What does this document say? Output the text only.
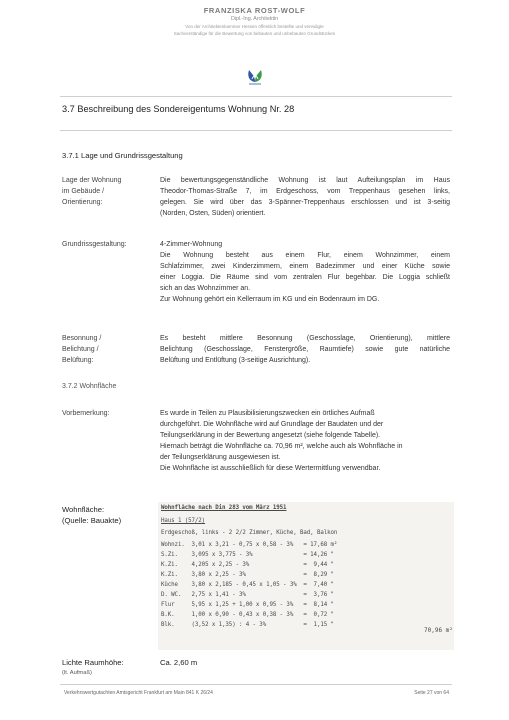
FRANZISKA ROST-WOLF
Dipl.-Ing. Architektin
Von der Architektenkammer Hessen öffentlich bestellte und vereidigte
Sachverständige für die Bewertung von bebauten und unbebauten Grundstücken
3.7 Beschreibung des Sondereigentums Wohnung Nr. 28
3.7.1 Lage und Grundrissgestaltung
Lage der Wohnung
im Gebäude /
Orientierung:
Die bewertungsgegenständliche Wohnung ist laut Aufteilungsplan im Haus
Theodor-Thomas-Straße 7, im Erdgeschoss, vom Treppenhaus gesehen links,
gelegen. Sie wird über das 3-Spänner-Treppenhaus erschlossen und ist 3-seitig
(Norden, Osten, Süden) orientiert.
Grundrissgestaltung:	4-Zimmer-Wohnung
Die Wohnung besteht aus einem Flur, einem Wohnzimmer, einem
Schlafzimmer, zwei Kinderzimmern, einem Badezimmer und einer Küche sowie
einer Loggia. Die Räume sind vom zentralen Flur begehbar. Die Loggia schließt
sich an das Wohnzimmer an.
Zur Wohnung gehört ein Kellerraum im KG und ein Bodenraum im DG.
Besonnung /
Belichtung /
Belüftung:
Es besteht mittlere Besonnung (Geschosslage, Orientierung), mittlere
Belichtung (Geschosslage, Fenstergröße, Raumtiefe) sowie gute natürliche
Belüftung und Entlüftung (3-seitige Ausrichtung).
3.7.2 Wohnfläche
Vorbemerkung:	Es wurde in Teilen zu Plausibilisierungszwecken ein örtliches Aufmaß
durchgeführt. Die Wohnfläche wird auf Grundlage der Baudaten und der
Teilungserklärung in der Bewertung angesetzt (siehe folgende Tabelle).
Hiernach beträgt die Wohnfläche ca. 70,96 m², welche auch als Wohnfläche in
der Teilungserklärung ausgewiesen ist.
Die Wohnfläche ist ausschließlich für diese Wertermittlung verwendbar.
Wohnfläche:
(Quelle: Bauakte)
Wohnfläche nach Din 283 vom März 1951
Haus 1 (57/2)
Erdgeschoß, links - 2 2/2 Zimmer, Küche, Bad, Balkon
Wohnzi.  3,01 x 3,21 - 0,75 x 0,58 - 3%   = 17,68 m²
S.Zi.    3,095 x 3,775 - 3%               = 14,26 "
K.Zi.    4,205 x 2,25 - 3%                =  9,44 "
K.Zi.    3,80 x 2,25 - 3%                 =  8,29 "
Küche    3,80 x 2,185 - 0,45 x 1,05 - 3%  =  7,40 "
D. WC.   2,75 x 1,41 - 3%                 =  3,76 "
Flur     5,95 x 1,25 + 1,00 x 0,95 - 3%   =  8,14 "
B.K.     1,00 x 0,90 - 0,43 x 0,38 - 3%   =  0,72 "
Blk.     (3,52 x 1,35) : 4 - 3%           =  1,15 "
70,96 m²
Lichte Raumhöhe:	Ca. 2,60 m
(lt. Aufmaß)
Verkehrswertgutachten Amtsgericht Frankfurt am Main 841 K 26/24	Seite 27 von 64
